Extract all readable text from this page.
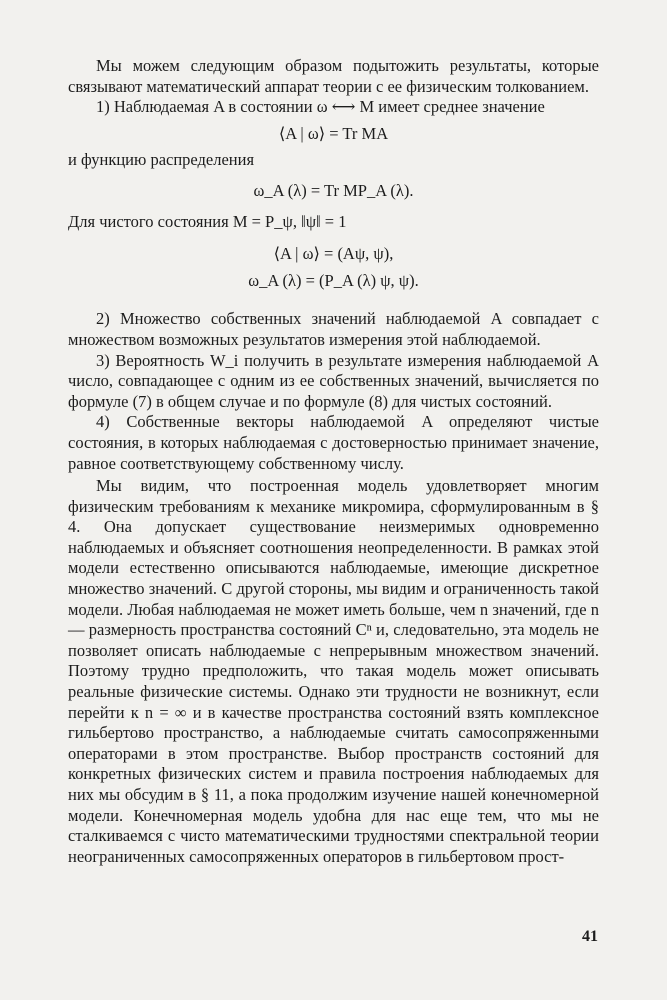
Мы можем следующим образом подытожить результаты, которые связывают математический аппарат теории с ее физическим толкованием.

1) Наблюдаемая A в состоянии ω ⟷ M имеет среднее значение

⟨A | ω⟩ = Tr MA

и функцию распределения

ω_A (λ) = Tr MP_A (λ).

Для чистого состояния M = P_ψ, ‖ψ‖ = 1

⟨A | ω⟩ = (Aψ, ψ),

ω_A (λ) = (P_A (λ) ψ, ψ).

2) Множество собственных значений наблюдаемой A совпадает с множеством возможных результатов измерения этой наблюдаемой.

3) Вероятность W_i получить в результате измерения наблюдаемой A число, совпадающее с одним из ее собственных значений, вычисляется по формуле (7) в общем случае и по формуле (8) для чистых состояний.

4) Собственные векторы наблюдаемой A определяют чистые состояния, в которых наблюдаемая с достоверностью принимает значение, равное соответствующему собственному числу.

Мы видим, что построенная модель удовлетворяет многим физическим требованиям к механике микромира, сформулированным в § 4. Она допускает существование неизмеримых одновременно наблюдаемых и объясняет соотношения неопределенности. В рамках этой модели естественно описываются наблюдаемые, имеющие дискретное множество значений. С другой стороны, мы видим и ограниченность такой модели. Любая наблюдаемая не может иметь больше, чем n значений, где n — размерность пространства состояний Cⁿ и, следовательно, эта модель не позволяет описать наблюдаемые с непрерывным множеством значений. Поэтому трудно предположить, что такая модель может описывать реальные физические системы. Однако эти трудности не возникнут, если перейти к n = ∞ и в качестве пространства состояний взять комплексное гильбертово пространство, а наблюдаемые считать самосопряженными операторами в этом пространстве. Выбор пространств состояний для конкретных физических систем и правила построения наблюдаемых для них мы обсудим в § 11, а пока продолжим изучение нашей конечномерной модели. Конечномерная модель удобна для нас еще тем, что мы не сталкиваемся с чисто математическими трудностями спектральной теории неограниченных самосопряженных операторов в гильбертовом прост-

41
